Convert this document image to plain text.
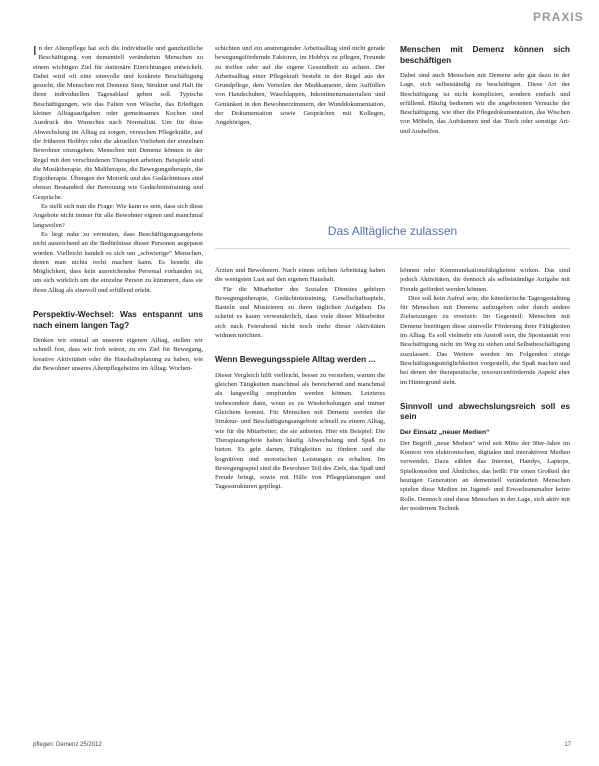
PRAXIS

In der Altenpflege hat sich die individuelle und ganzheitliche Beschäftigung von dementiell veränderten Menschen zu einem wichtigen Ziel für stationäre Einrichtungen entwickelt. Dabei wird oft eine sinnvolle und konkrete Beschäftigung gesucht, die Menschen mit Demenz Sinn, Struktur und Halt für ihren individuellen Tagesablauf geben soll. Typische Beschäftigungen, wie das Falten von Wäsche, das Erledigen kleiner Alltagsaufgaben oder gemeinsames Kochen sind Ausdruck des Wunsches nach Normalität. Um für diese Abwechslung im Alltag zu sorgen, versuchen Pflegekräfte, auf die früheren Hobbys oder die aktuellen Vorlieben der einzelnen Bewohner einzugehen. Menschen mit Demenz können in der Regel mit den verschiedenen Therapien arbeiten. Beispiele sind die Musiktherapie, die Maltherapie, die Bewegungstherapie, die Ergotherapie. Übungen der Motorik und des Gedächtnisses sind ebenso Bestandteil der Betreuung wie Gedächtnistraining und Gespräche.

Es stellt sich nun die Frage: Wie kann es sein, dass sich diese Angebote nicht immer für alle Bewohner eignen und manchmal langweilen?

Es liegt nahe zu vermuten, dass Beschäftigungsangebote nicht ausreichend an die Bedürfnisse dieser Personen angepasst wurden. Vielleicht handelt es sich um „schwierige“ Menschen, denen man nichts recht machen kann. Es besteht die Möglichkeit, dass kein ausreichendes Personal vorhanden ist, um sich wirklich um die einzelne Person zu kümmern, dass sie ihren Alltag als sinnvoll und erfüllend erlebt.

Perspektiv-Wechsel: Was entspannt uns nach einem langen Tag?

Denken wir einmal an unseren eigenen Alltag, stellen wir schnell fest, dass wir froh wären, zu ein Ziel für Bewegung, kreative Aktivitäten oder die Haushaltsplanung zu haben, wie die Bewohner unseres Altenpflegeheims im Alltag. Wochen-

schichten und ein anstrengender Arbeitsalltag sind nicht gerade bewegungsfördernde Faktoren, im Hobbys zu pflegen, Freunde zu treffen oder auf die eigene Gesundheit zu achten. Der Arbeitsalltag einer Pflegekraft besteht in der Regel aus der Grundpflege, dem Verteilen der Medikamente, dem Auffüllen von Handschuhen, Waschlappen, Inkontinenzmaterialien und Getränken in den Bewohnerzimmern, der Wunddokumentation, der Dokumentation sowie Gesprächen mit Kollegen, Angehörigen,

Menschen mit Demenz können sich beschäftigen

Dabei sind auch Menschen mit Demenz sehr gut dazu in der Lage, sich selbstständig zu beschäftigen. Diese Art der Beschäftigung ist nicht kompliziert, sondern einfach und erfüllend. Häufig bedienen wir die angebotenen Versuche der Beschäftigung, wie über die Pflegedokumentation, das Wischen von Möbeln, das Aufräumen und das Tisch oder sonstige Art- und Aushelfen.

Das Alltägliche zulassen

Ärzten und Bewohnern. Nach einem solchen Arbeitstag haben die wenigsten Lust auf den eigenen Haushalt.

Für die Mitarbeiter des Sozialen Dienstes gehören Bewegungstherapie, Gedächtnistraining, Gesellschaftsspiele, Basteln und Musizieren zu ihren täglichen Aufgaben. Da scheint es kaum verwunderlich, dass viele dieser Mitarbeiter sich nach Feierabend nicht noch mehr dieser Aktivitäten widmen möchten.

Wenn Bewegungsspiele Alltag werden ...

Dieser Vergleich hilft vielleicht, besser zu verstehen, warum die gleichen Tätigkeiten manchmal als bereichernd und manchmal als langweilig empfunden werden können. Letzteres insbesondere dann, wenn es zu Wiederholungen und immer Gleichem kommt. Für Menschen mit Demenz werden die Struktur- und Beschäftigungsangebote schnell zu einem Alltag, wie für die Mitarbeiter, die sie anbieten. Hier ein Beispiel: Die Therapieangebote haben häufig Abwechslung und Spaß zu bieten. Es geht darum, Fähigkeiten zu fördern und die kognitiven und motorischen Leistungen zu erhalten. Im Bewegungsspiel sind die Bewohner Teil des Ziels, das Spaß und Freude bringt, sowie mit Hilfe von Pflegeplanungen und Tagesstrukturen gepflegt.

können oder Kommunikationsfähigkeiten wirken. Das sind jedoch Aktivitäten, die dennoch als selbstständige Aufgabe mit Freude gefördert werden können.

Dies soll kein Aufruf sein, die künstlerische Tagesgestaltung für Menschen mit Demenz aufzugeben oder durch andere Zielsetzungen zu ersetzen. Im Gegenteil: Menschen mit Demenz benötigen diese sinnvolle Förderung ihrer Fähigkeiten im Alltag. Es soll vielmehr ein Anstoß sein, die Spontanität von Beschäftigung nicht im Weg zu stehen und Selbstbeschäftigung zuzulassen. Das Weitere werden im Folgenden einige Beschäftigungsmöglichkeiten vorgestellt, die Spaß machen und bei denen der therapeutische, ressourcenfördernde Aspekt eher im Hintergrund steht.

Sinnvoll und abwechslungsreich soll es sein
Der Einsatz „neuer Medien“

Der Begriff „neue Medien“ wird seit Mitte der 90er-Jahre im Kontext von elektronischen, digitalen und interaktiven Medien verwendet. Dazu zählen das Internet, Handys, Laptops, Spielkonsolen und Ähnliches, das heißt: Für einen Großteil der heutigen Generation an dementiell veränderten Menschen spielen diese Medien im Jugend- und Erwachsenenalter keine Rolle. Dennoch sind diese Menschen in der Lage, sich aktiv mit der modernen Technik

pflegen: Demenz 25/2012	17
